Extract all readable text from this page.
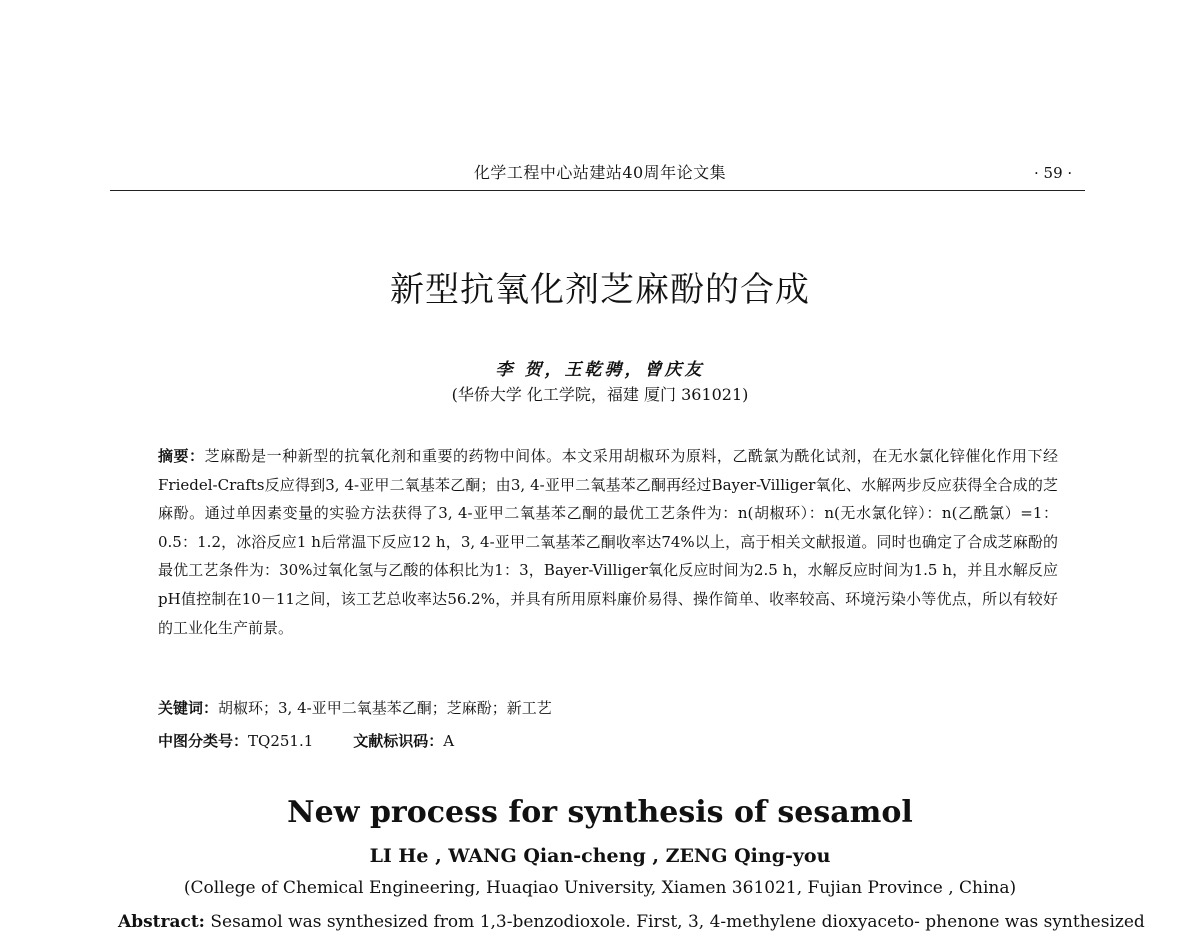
化学工程中心站建站40周年论文集	· 59 ·
新型抗氧化剂芝麻酚的合成
李 贺，王乾骋，曾庆友
(华侨大学 化工学院，福建 厦门 361021)
摘要：芝麻酚是一种新型的抗氧化剂和重要的药物中间体。本文采用胡椒环为原料，乙酰氯为酰化试剂，在无水氯化锌催化作用下经Friedel-Crafts反应得到3, 4-亚甲二氧基苯乙酮；由3, 4-亚甲二氧基苯乙酮再经过Bayer-Villiger氧化、水解两步反应获得全合成的芝麻酚。通过单因素变量的实验方法获得了3, 4-亚甲二氧基苯乙酮的最优工艺条件为：n(胡椒环）：n(无水氯化锌）：n(乙酰氯）=1：0.5：1.2，冰浴反应1 h后常温下反应12 h，3, 4-亚甲二氧基苯乙酮收率达74%以上，高于相关文献报道。同时也确定了合成芝麻酚的最优工艺条件为：30%过氧化氢与乙酸的体积比为1：3，Bayer-Villiger氧化反应时间为2.5 h，水解反应时间为1.5 h，并且水解反应pH值控制在10－11之间，该工艺总收率达56.2%，并具有所用原料廉价易得、操作简单、收率较高、环境污染小等优点，所以有较好的工业化生产前景。
关键词：胡椒环；3, 4-亚甲二氧基苯乙酮；芝麻酚；新工艺
中图分类号：TQ251.1	文献标识码：A
New process for synthesis of sesamol
LI He , WANG Qian-cheng , ZENG Qing-you
(College of Chemical Engineering, Huaqiao University, Xiamen 361021, Fujian Province , China)
Abstract: Sesamol was synthesized from 1,3-benzodioxole. First, 3, 4-methylene dioxyaceto- phenone was synthesized
